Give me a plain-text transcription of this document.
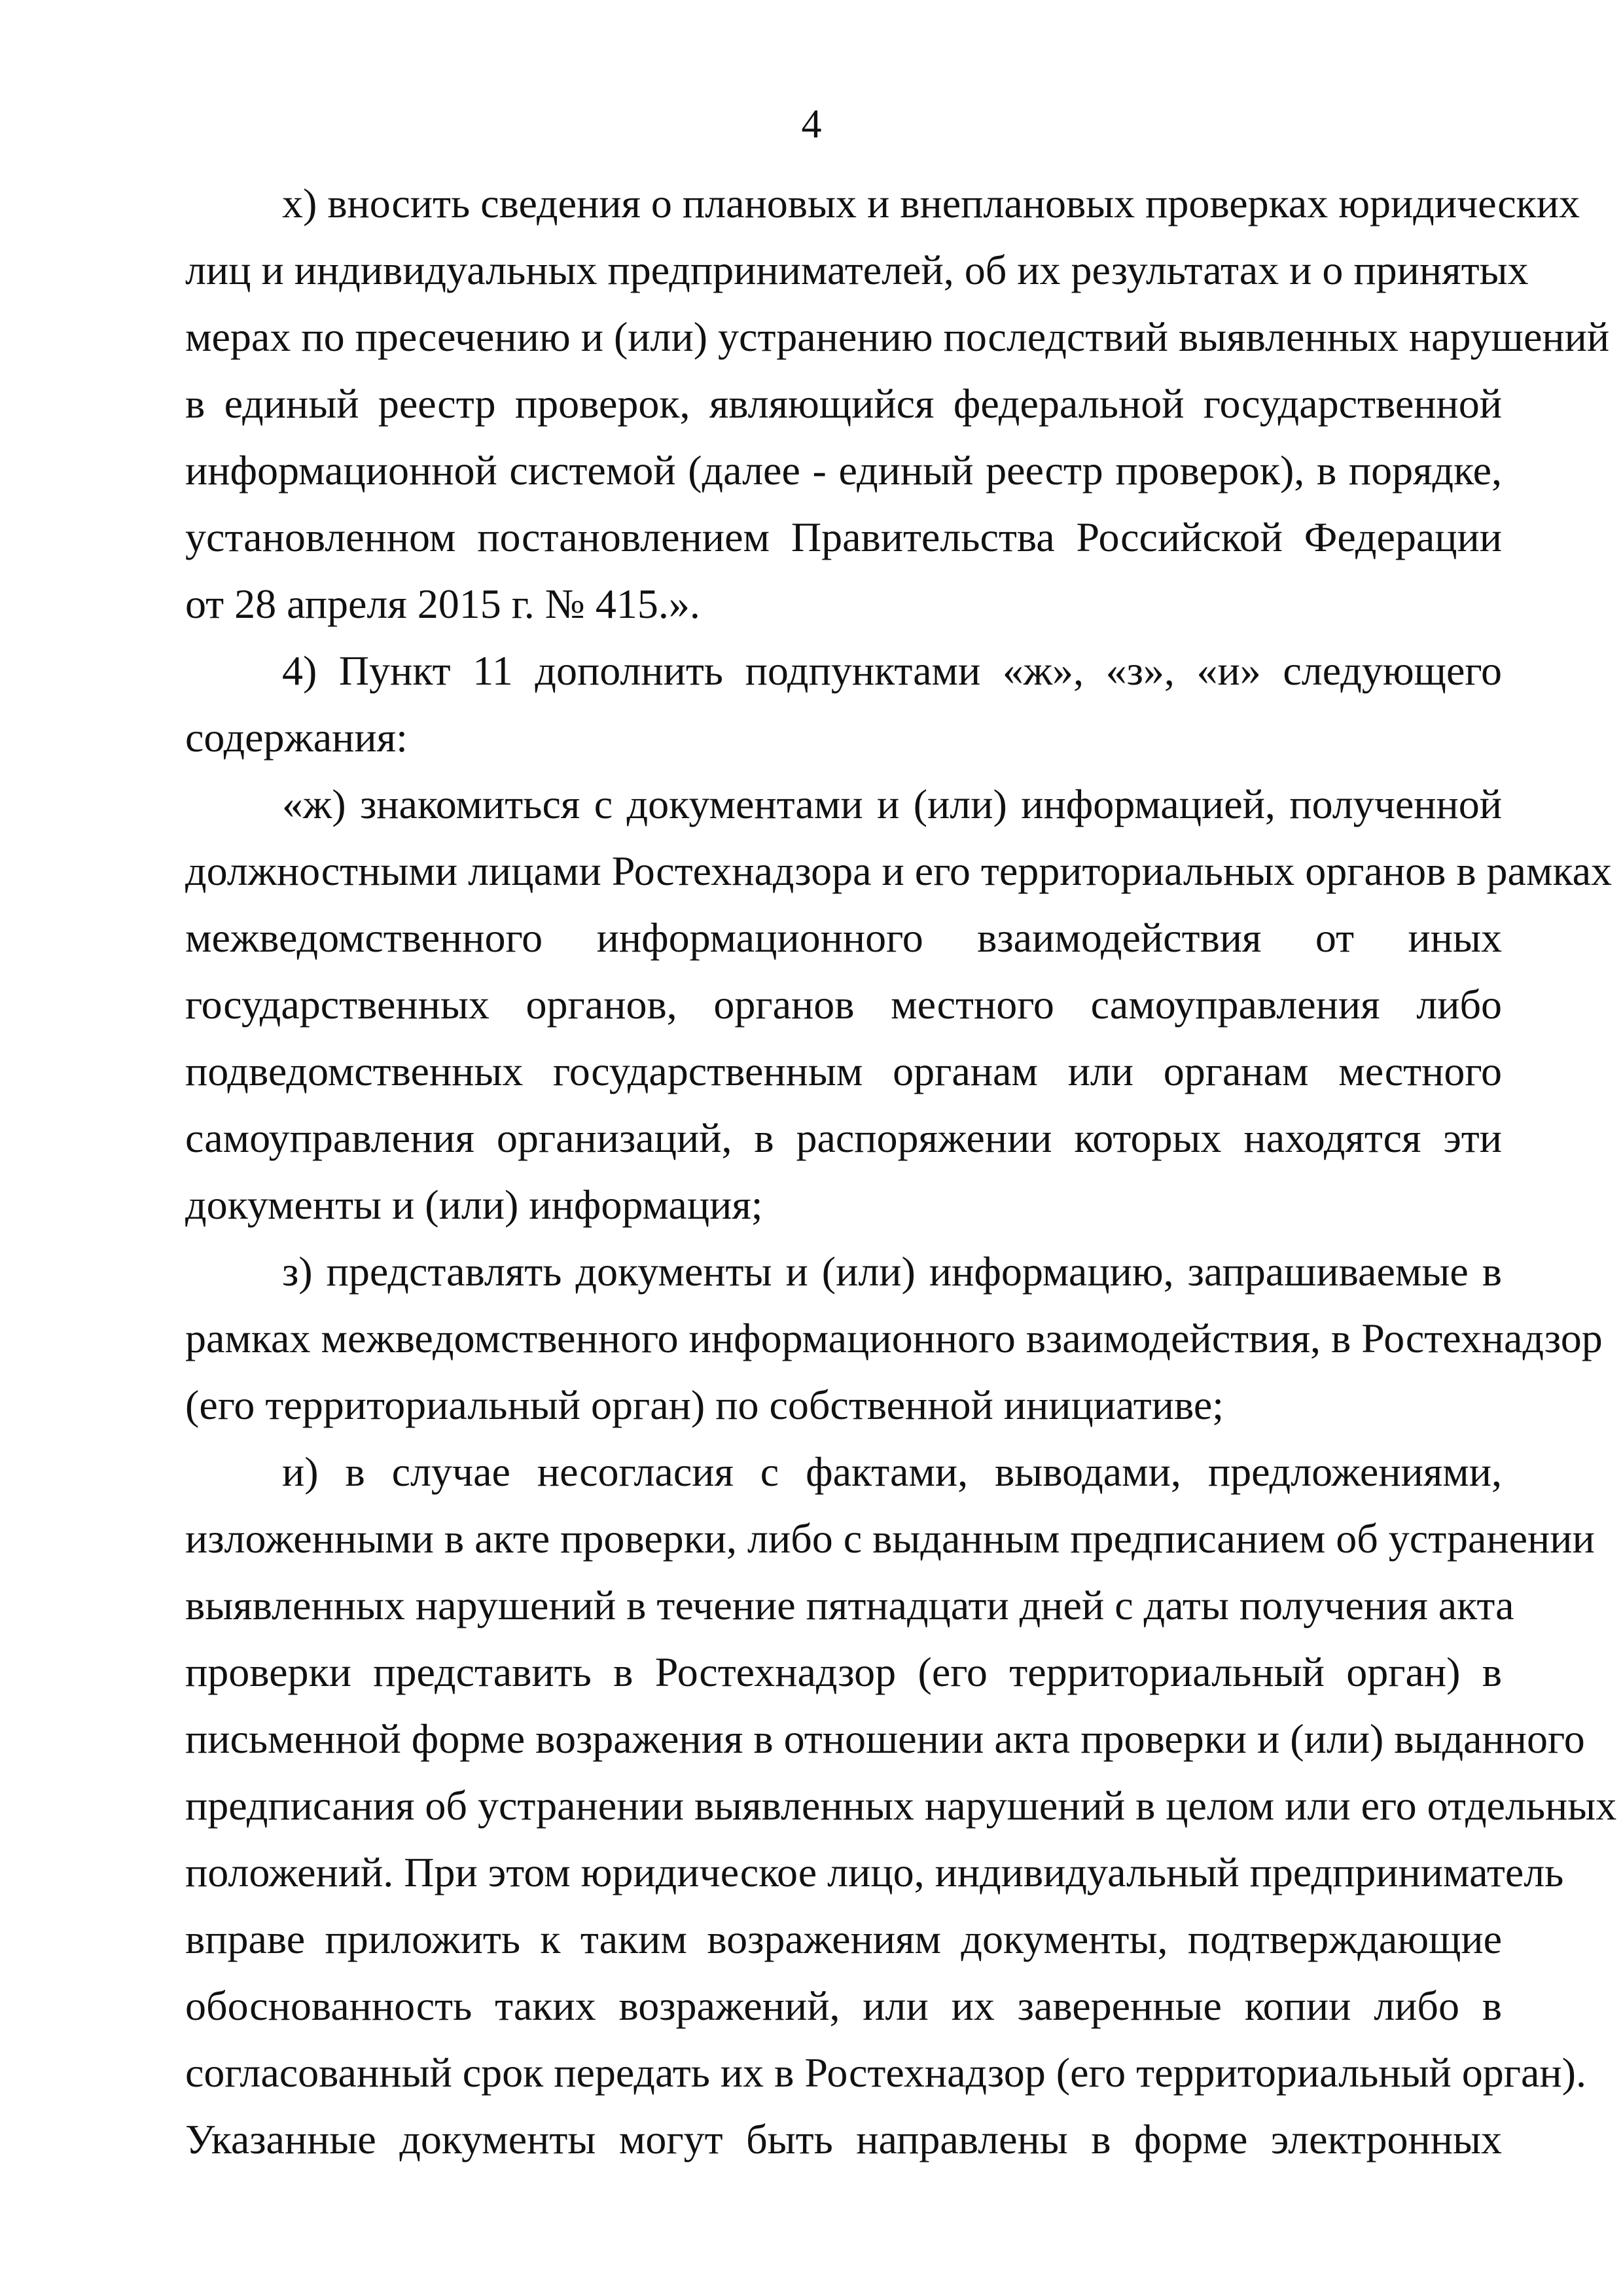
4
х) вносить сведения о плановых и внеплановых проверках юридических
лиц и индивидуальных предпринимателей, об их результатах и о принятых
мерах по пресечению и (или) устранению последствий выявленных нарушений
в единый реестр проверок, являющийся федеральной государственной
информационной системой (далее - единый реестр проверок), в порядке,
установленном постановлением Правительства Российской Федерации
от 28 апреля 2015 г. № 415.».
4) Пункт 11 дополнить подпунктами «ж», «з», «и» следующего
содержания:
«ж) знакомиться с документами и (или) информацией, полученной
должностными лицами Ростехнадзора и его территориальных органов в рамках
межведомственного информационного взаимодействия от иных
государственных органов, органов местного самоуправления либо
подведомственных государственным органам или органам местного
самоуправления организаций, в распоряжении которых находятся эти
документы и (или) информация;
з) представлять документы и (или) информацию, запрашиваемые в
рамках межведомственного информационного взаимодействия, в Ростехнадзор
(его территориальный орган) по собственной инициативе;
и) в случае несогласия с фактами, выводами, предложениями,
изложенными в акте проверки, либо с выданным предписанием об устранении
выявленных нарушений в течение пятнадцати дней с даты получения акта
проверки представить в Ростехнадзор (его территориальный орган) в
письменной форме возражения в отношении акта проверки и (или) выданного
предписания об устранении выявленных нарушений в целом или его отдельных
положений. При этом юридическое лицо, индивидуальный предприниматель
вправе приложить к таким возражениям документы, подтверждающие
обоснованность таких возражений, или их заверенные копии либо в
согласованный срок передать их в Ростехнадзор (его территориальный орган).
Указанные документы могут быть направлены в форме электронных
